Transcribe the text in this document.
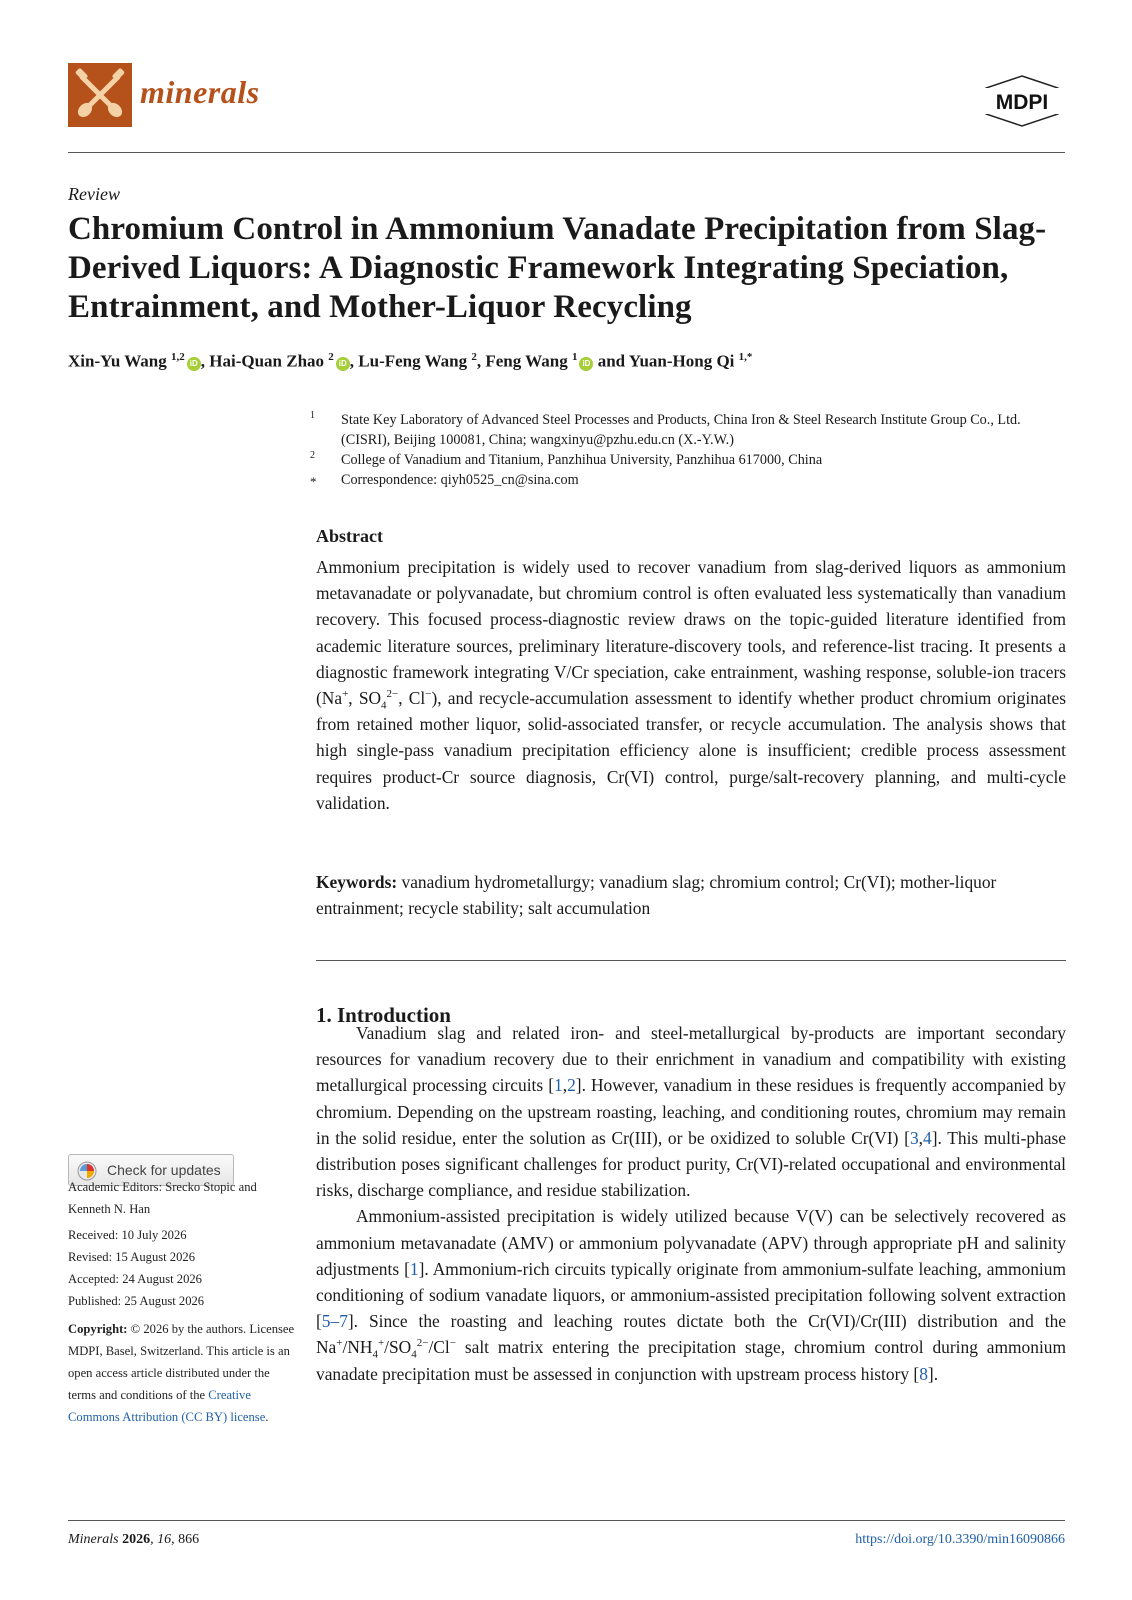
minerals	MDPI
Review
Chromium Control in Ammonium Vanadate Precipitation from Slag-Derived Liquors: A Diagnostic Framework Integrating Speciation, Entrainment, and Mother-Liquor Recycling
Xin-Yu Wang $^{1,2}$iD , Hai-Quan Zhao $^2$iD , Lu-Feng Wang $^2$, Feng Wang $^1$iD and Yuan-Hong Qi $^{1,*}$
1 State Key Laboratory of Advanced Steel Processes and Products, China Iron & Steel Research Institute Group Co., Ltd. (CISRI), Beijing 100081, China; wangxinyu@pzhu.edu.cn (X.-Y.W.)
2 College of Vanadium and Titanium, Panzhihua University, Panzhihua 617000, China
* Correspondence: qiyh0525_cn@sina.com
Abstract
Ammonium precipitation is widely used to recover vanadium from slag-derived liquors as ammonium metavanadate or polyvanadate, but chromium control is often evaluated less systematically than vanadium recovery. This focused process-diagnostic review draws on the topic-guided literature identified from academic literature sources, preliminary literature-discovery tools, and reference-list tracing. It presents a diagnostic framework integrating V/Cr speciation, cake entrainment, washing response, soluble-ion tracers (Na+, $SO_4^{2-}$, Cl−), and recycle-accumulation assessment to identify whether product chromium originates from retained mother liquor, solid-associated transfer, or recycle accumulation. The analysis shows that high single-pass vanadium precipitation efficiency alone is insufficient; credible process assessment requires product-Cr source diagnosis, Cr(VI) control, purge/salt-recovery planning, and multi-cycle validation.
Keywords: vanadium hydrometallurgy; vanadium slag; chromium control; Cr(VI); mother-liquor entrainment; recycle stability; salt accumulation
1. Introduction

Vanadium slag and related iron- and steel-metallurgical by-products are important secondary resources for vanadium recovery due to their enrichment in vanadium and compatibility with existing metallurgical processing circuits [1,2]. However, vanadium in these residues is frequently accompanied by chromium. Depending on the upstream roasting, leaching, and conditioning routes, chromium may remain in the solid residue, enter the solution as Cr(III), or be oxidized to soluble Cr(VI) [3,4]. This multi-phase distribution poses significant challenges for product purity, Cr(VI)-related occupational and environmental risks, discharge compliance, and residue stabilization.

Ammonium-assisted precipitation is widely utilized because V(V) can be selectively recovered as ammonium metavanadate (AMV) or ammonium polyvanadate (APV) through appropriate pH and salinity adjustments [1]. Ammonium-rich circuits typically originate from ammonium-sulfate leaching, ammonium conditioning of sodium vanadate liquors, or ammonium-assisted precipitation following solvent extraction [5–7]. Since the roasting and leaching routes dictate both the Cr(VI)/Cr(III) distribution and the $Na^+/NH_4^+/SO_4^{2-}/Cl^-$ salt matrix entering the precipitation stage, chromium control during ammonium vanadate precipitation must be assessed in conjunction with upstream process history [8].

Check for updates
Academic Editors: Srecko Stopic and Kenneth N. Han
Received: 10 July 2026
Revised: 15 August 2026
Accepted: 24 August 2026
Published: 25 August 2026
Copyright: © 2026 by the authors. Licensee MDPI, Basel, Switzerland. This article is an open access article distributed under the terms and conditions of the Creative Commons Attribution (CC BY) license.
Minerals 2026, 16, 866	https://doi.org/10.3390/min16090866
